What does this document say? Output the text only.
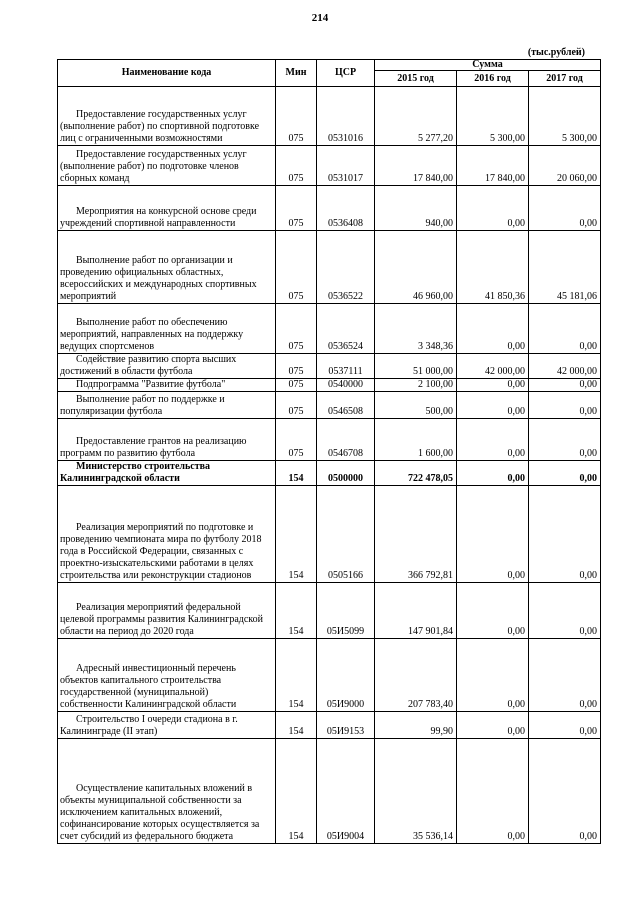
214
(тыс.рублей)
Наименование кода	Мин	ЦСР	Сумма		
			2015 год	2016 год	2017 год
Предоставление государственных услуг (выполнение работ) по спортивной подготовке лиц с ограниченными возможностями	075	0531016	5 277,20	5 300,00	5 300,00
Предоставление государственных услуг (выполнение работ) по подготовке членов сборных команд	075	0531017	17 840,00	17 840,00	20 060,00
Мероприятия на конкурсной основе среди учреждений спортивной направленности	075	0536408	940,00	0,00	0,00
Выполнение работ по организации и проведению официальных областных, всероссийских и международных спортивных мероприятий	075	0536522	46 960,00	41 850,36	45 181,06
Выполнение работ по обеспечению мероприятий, направленных на поддержку ведущих спортсменов	075	0536524	3 348,36	0,00	0,00
Содействие развитию спорта высших достижений в области футбола	075	0537111	51 000,00	42 000,00	42 000,00
Подпрограмма "Развитие футбола"	075	0540000	2 100,00	0,00	0,00
Выполнение работ по поддержке и популяризации футбола	075	0546508	500,00	0,00	0,00
Предоставление грантов на реализацию программ по развитию футбола	075	0546708	1 600,00	0,00	0,00
Министерство строительства Калининградской области	154	0500000	722 478,05	0,00	0,00
Реализация мероприятий по подготовке и проведению чемпионата мира по футболу 2018 года в Российской Федерации, связанных с проектно-изыскательскими работами в целях строительства или реконструкции стадионов	154	0505166	366 792,81	0,00	0,00
Реализация мероприятий федеральной целевой программы развития Калининградской области на период до 2020 года	154	05И5099	147 901,84	0,00	0,00
Адресный инвестиционный перечень объектов капитального строительства государственной (муниципальной) собственности Калининградской области	154	05И9000	207 783,40	0,00	0,00
Строительство I очереди стадиона в г. Калининграде (II этап)	154	05И9153	99,90	0,00	0,00
Осуществление капитальных вложений в объекты муниципальной собственности за исключением капитальных вложений, софинансирование которых осуществляется за счет субсидий из федерального бюджета	154	05И9004	35 536,14	0,00	0,00
